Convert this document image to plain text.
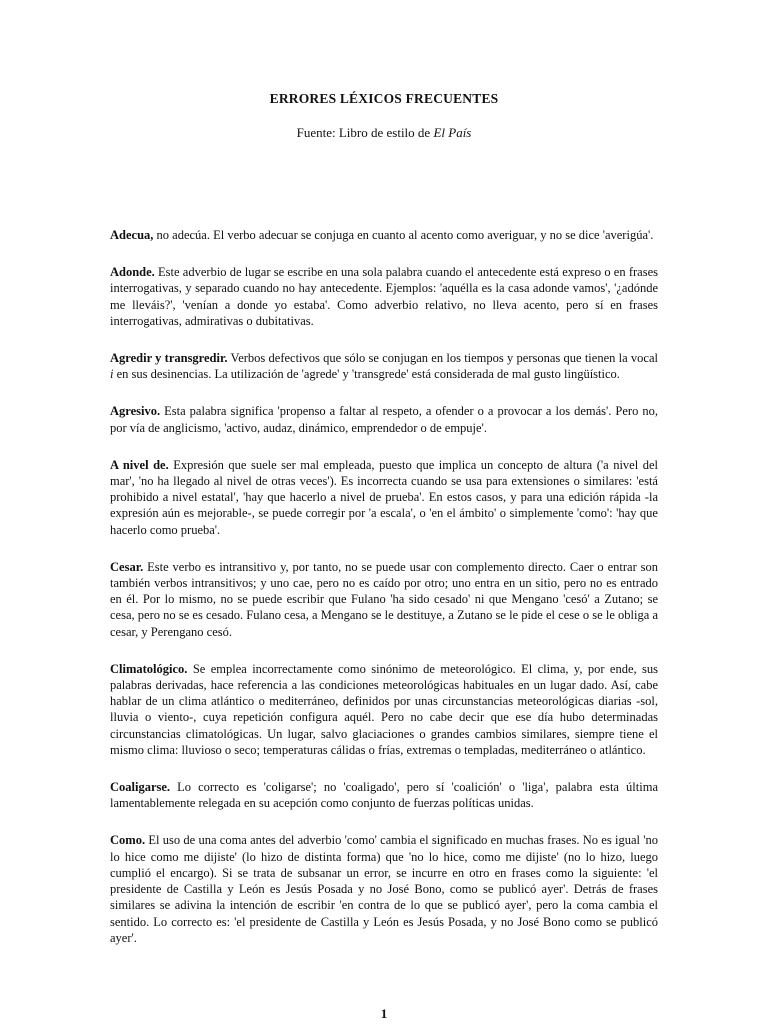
ERRORES LÉXICOS FRECUENTES
Fuente: Libro de estilo de El País

Adecua, no adecúa. El verbo adecuar se conjuga en cuanto al acento como averiguar, y no se dice 'averigúa'.

Adonde. Este adverbio de lugar se escribe en una sola palabra cuando el antecedente está expreso o en frases interrogativas, y separado cuando no hay antecedente. Ejemplos: 'aquélla es la casa adonde vamos', '¿adónde me lleváis?', 'venían a donde yo estaba'. Como adverbio relativo, no lleva acento, pero sí en frases interrogativas, admirativas o dubitativas.

Agredir y transgredir. Verbos defectivos que sólo se conjugan en los tiempos y personas que tienen la vocal i en sus desinencias. La utilización de 'agrede' y 'transgrede' está considerada de mal gusto lingüístico.

Agresivo. Esta palabra significa 'propenso a faltar al respeto, a ofender o a provocar a los demás'. Pero no, por vía de anglicismo, 'activo, audaz, dinámico, emprendedor o de empuje'.

A nivel de. Expresión que suele ser mal empleada, puesto que implica un concepto de altura ('a nivel del mar', 'no ha llegado al nivel de otras veces'). Es incorrecta cuando se usa para extensiones o similares: 'está prohibido a nivel estatal', 'hay que hacerlo a nivel de prueba'. En estos casos, y para una edición rápida -la expresión aún es mejorable-, se puede corregir por 'a escala', o 'en el ámbito' o simplemente 'como': 'hay que hacerlo como prueba'.

Cesar. Este verbo es intransitivo y, por tanto, no se puede usar con complemento directo. Caer o entrar son también verbos intransitivos; y uno cae, pero no es caído por otro; uno entra en un sitio, pero no es entrado en él. Por lo mismo, no se puede escribir que Fulano 'ha sido cesado' ni que Mengano 'cesó' a Zutano; se cesa, pero no se es cesado. Fulano cesa, a Mengano se le destituye, a Zutano se le pide el cese o se le obliga a cesar, y Perengano cesó.

Climatológico. Se emplea incorrectamente como sinónimo de meteorológico. El clima, y, por ende, sus palabras derivadas, hace referencia a las condiciones meteorológicas habituales en un lugar dado. Así, cabe hablar de un clima atlántico o mediterráneo, definidos por unas circunstancias meteorológicas diarias -sol, lluvia o viento-, cuya repetición configura aquél. Pero no cabe decir que ese día hubo determinadas circunstancias climatológicas. Un lugar, salvo glaciaciones o grandes cambios similares, siempre tiene el mismo clima: lluvioso o seco; temperaturas cálidas o frías, extremas o templadas, mediterráneo o atlántico.

Coaligarse. Lo correcto es 'coligarse'; no 'coaligado', pero sí 'coalición' o 'liga', palabra esta última lamentablemente relegada en su acepción como conjunto de fuerzas políticas unidas.

Como. El uso de una coma antes del adverbio 'como' cambia el significado en muchas frases. No es igual 'no lo hice como me dijiste' (lo hizo de distinta forma) que 'no lo hice, como me dijiste' (no lo hizo, luego cumplió el encargo). Si se trata de subsanar un error, se incurre en otro en frases como la siguiente: 'el presidente de Castilla y León es Jesús Posada y no José Bono, como se publicó ayer'. Detrás de frases similares se adivina la intención de escribir 'en contra de lo que se publicó ayer', pero la coma cambia el sentido. Lo correcto es: 'el presidente de Castilla y León es Jesús Posada, y no José Bono como se publicó ayer'.

1
